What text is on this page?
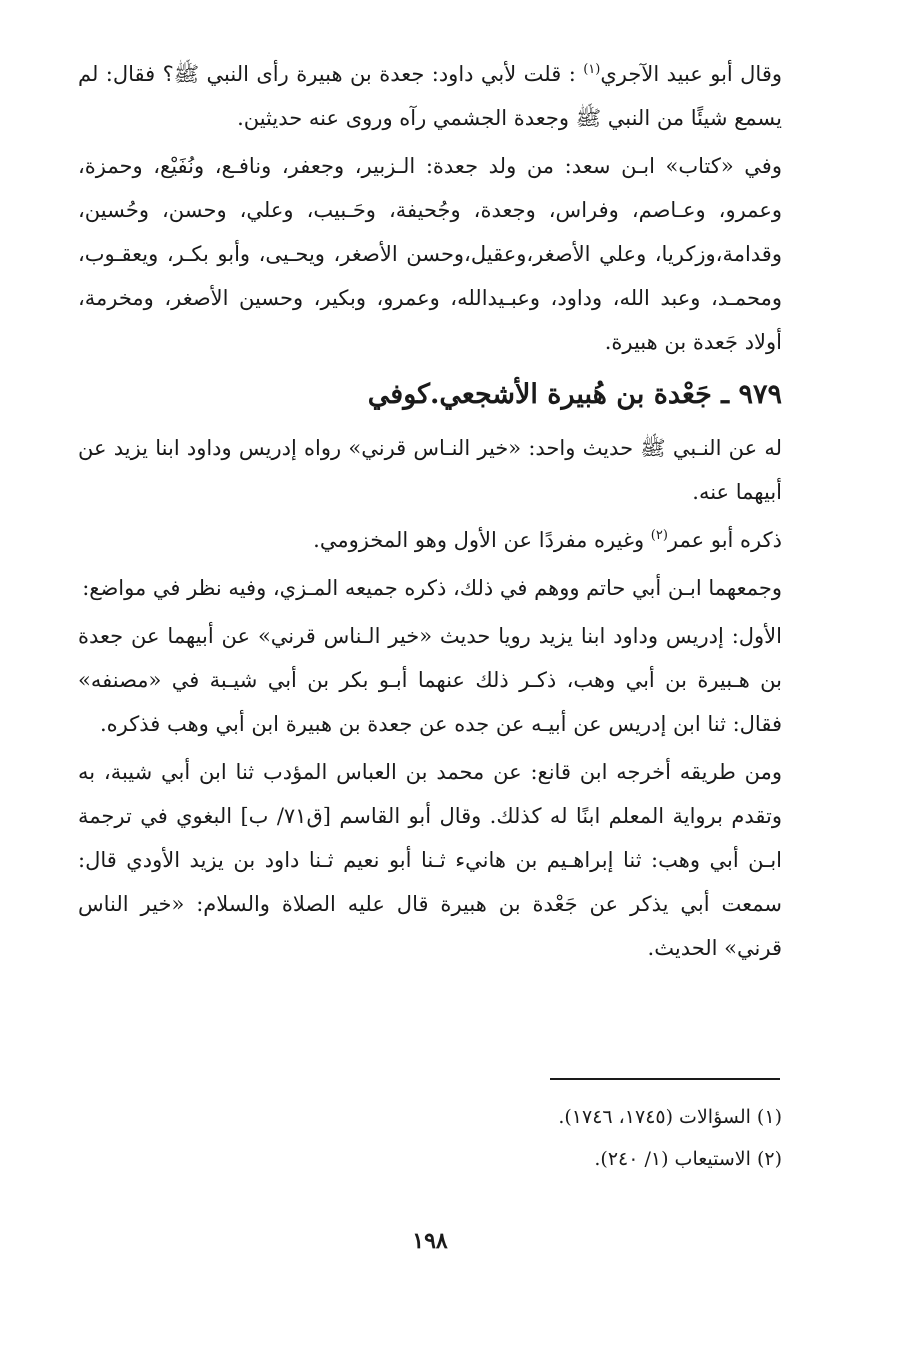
وقال أبو عبيد الآجري$^{(١)}$ : قلت لأبي داود: جعدة بن هبيرة رأى النبي ﷺ؟ فقال: لم يسمع شيئًا من النبي ﷺ وجعدة الجشمي رآه وروى عنه حديثين.

وفي «كتاب» ابـن سعد: من ولد جعدة: الـزبير، وجعفر، ونافـع، ونُفَيْع، وحمزة، وعمرو، وعـاصم، وفراس، وجعدة، وجُحيفة، وحَـبيب، وعلي، وحسن، وحُسين، وقدامة،وزكريا، وعلي الأصغر،وعقيل،وحسن الأصغر، ويحـيى، وأبو بكـر، ويعقـوب، ومحمـد، وعبد الله، وداود، وعبـيدالله، وعمرو، وبكير، وحسين الأصغر، ومخرمة، أولاد جَعدة بن هبيرة.

٩٧٩ ـ جَعْدة بن هُبيرة الأشجعي.كوفي

له عن النـبي ﷺ حديث واحد: «خير النـاس قرني» رواه إدريس وداود ابنا يزيد عن أبيهما عنه.

ذكره أبو عمر$^{(٢)}$ وغيره مفردًا عن الأول وهو المخزومي.

وجمعهما ابـن أبي حاتم ووهم في ذلك، ذكره جميعه المـزي، وفيه نظر في مواضع:

الأول: إدريس وداود ابنا يزيد رويا حديث «خير الـناس قرني» عن أبيهما عن جعدة بن هـبيرة بن أبي وهب، ذكـر ذلك عنهما أبـو بكر بن أبي شيـبة في «مصنفه» فقال: ثنا ابن إدريس عن أبيـه عن جده عن جعدة بن هبيرة ابن أبي وهب فذكره.

ومن طريقه أخرجه ابن قانع: عن محمد بن العباس المؤدب ثنا ابن أبي شيبة، به وتقدم برواية المعلم ابنًا له كذلك. وقال أبو القاسم [ق٧١/ ب] البغوي في ترجمة ابـن أبي وهب: ثنا إبراهـيم بن هانيء ثـنا أبو نعيم ثـنا داود بن يزيد الأودي قال: سمعت أبي يذكر عن جَعْدة بن هبيرة قال عليه الصلاة والسلام: «خير الناس قرني» الحديث.

(١) السؤالات (١٧٤٥، ١٧٤٦).

(٢) الاستيعاب (١/ ٢٤٠).

١٩٨
